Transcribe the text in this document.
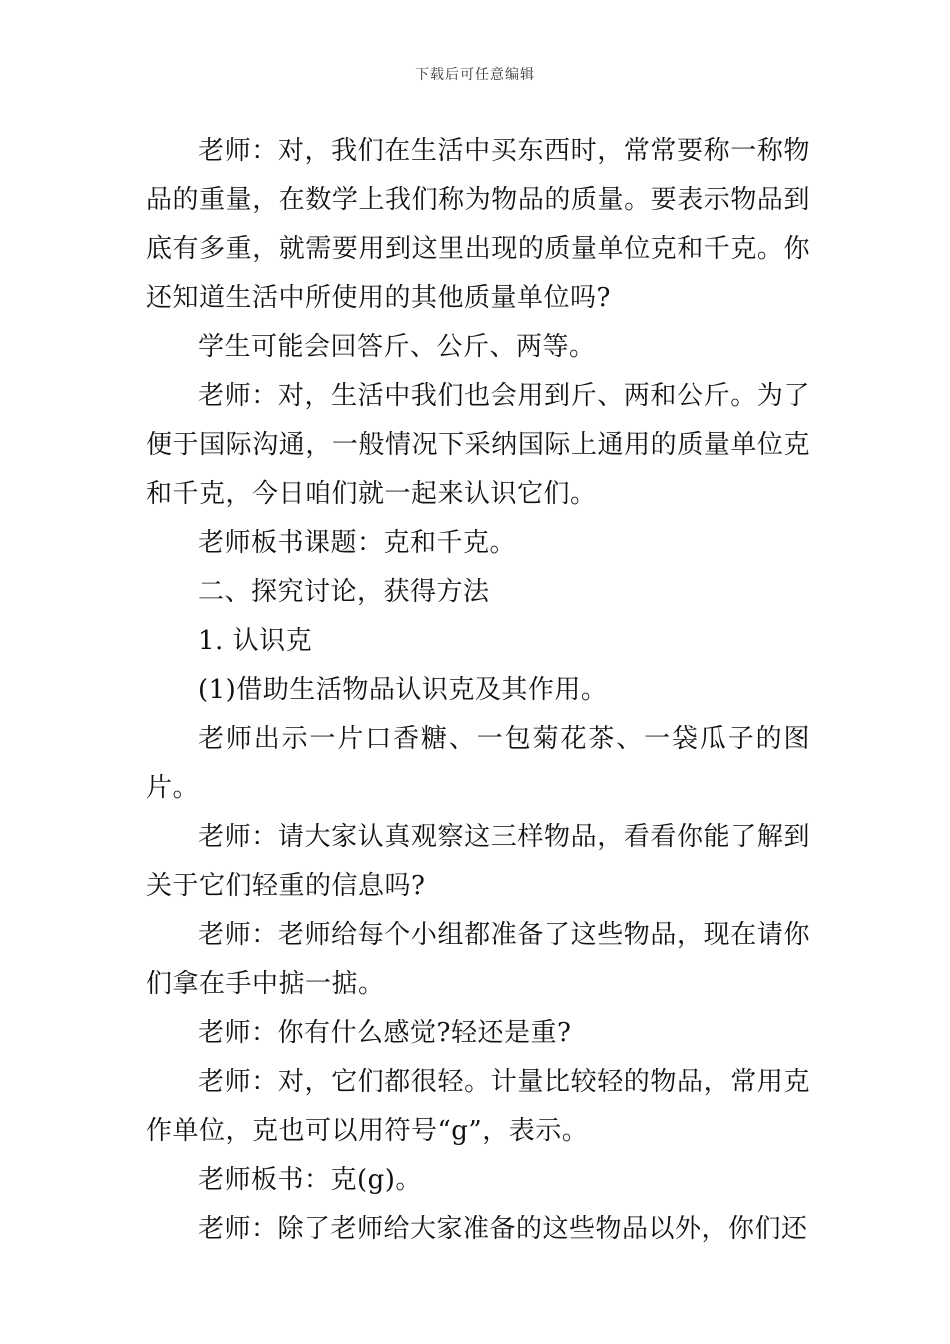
下载后可任意编辑

老师：对，我们在生活中买东西时，常常要称一称物品的重量，在数学上我们称为物品的质量。要表示物品到底有多重，就需要用到这里出现的质量单位克和千克。你还知道生活中所使用的其他质量单位吗?

学生可能会回答斤、公斤、两等。

老师：对，生活中我们也会用到斤、两和公斤。为了便于国际沟通，一般情况下采纳国际上通用的质量单位克和千克，今日咱们就一起来认识它们。

老师板书课题：克和千克。

二、探究讨论，获得方法

1. 认识克

(1)借助生活物品认识克及其作用。

老师出示一片口香糖、一包菊花茶、一袋瓜子的图片。

老师：请大家认真观察这三样物品，看看你能了解到关于它们轻重的信息吗?

老师：老师给每个小组都准备了这些物品，现在请你们拿在手中掂一掂。

老师：你有什么感觉?轻还是重?

老师：对，它们都很轻。计量比较轻的物品，常用克作单位，克也可以用符号“g”，表示。

老师板书：克(g)。

老师：除了老师给大家准备的这些物品以外，你们还
